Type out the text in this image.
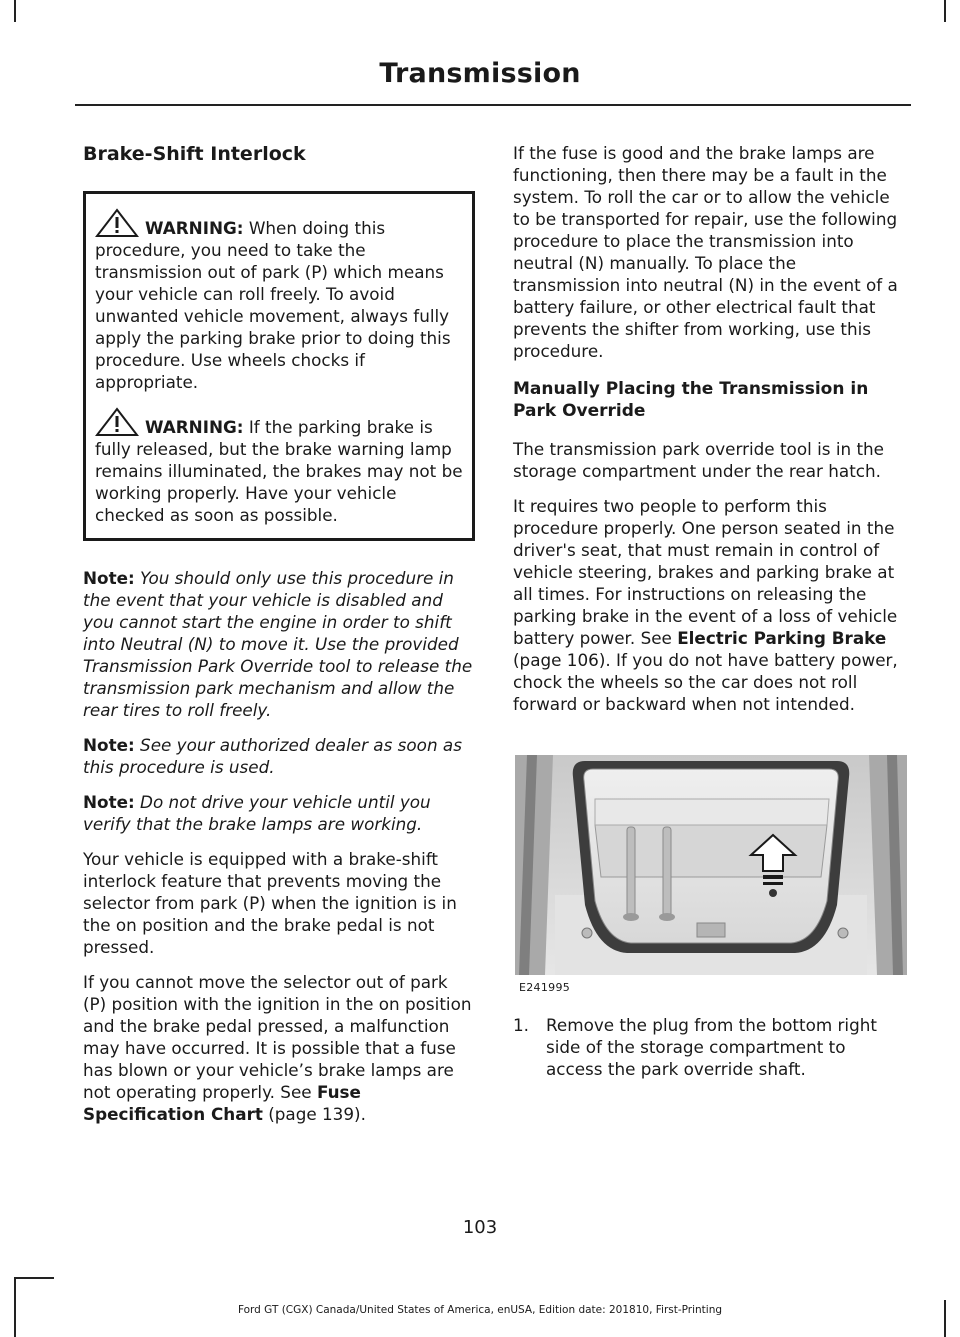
Transmission
Brake-Shift Interlock
WARNING: When doing this procedure, you need to take the transmission out of park (P) which means your vehicle can roll freely. To avoid unwanted vehicle movement, always fully apply the parking brake prior to doing this procedure. Use wheels chocks if appropriate.
WARNING: If the parking brake is fully released, but the brake warning lamp remains illuminated, the brakes may not be working properly. Have your vehicle checked as soon as possible.

Note: You should only use this procedure in the event that your vehicle is disabled and you cannot start the engine in order to shift into Neutral (N) to move it. Use the provided Transmission Park Override tool to release the transmission park mechanism and allow the rear tires to roll freely.

Note: See your authorized dealer as soon as this procedure is used.

Note: Do not drive your vehicle until you verify that the brake lamps are working.

Your vehicle is equipped with a brake-shift interlock feature that prevents moving the selector from park (P) when the ignition is in the on position and the brake pedal is not pressed.

If you cannot move the selector out of park (P) position with the ignition in the on position and the brake pedal pressed, a malfunction may have occurred. It is possible that a fuse has blown or your vehicle’s brake lamps are not operating properly. See Fuse Specification Chart (page 139).

If the fuse is good and the brake lamps are functioning, then there may be a fault in the system. To roll the car or to allow the vehicle to be transported for repair, use the following procedure to place the transmission into neutral (N) manually. To place the transmission into neutral (N) in the event of a battery failure, or other electrical fault that prevents the shifter from working, use this procedure.

Manually Placing the Transmission in Park Override

The transmission park override tool is in the storage compartment under the rear hatch.

It requires two people to perform this procedure properly. One person seated in the driver's seat, that must remain in control of vehicle steering, brakes and parking brake at all times. For instructions on releasing the parking brake in the event of a loss of vehicle battery power. See Electric Parking Brake (page 106). If you do not have battery power, chock the wheels so the car does not roll forward or backward when not intended.

E241995
1. Remove the plug from the bottom right side of the storage compartment to access the park override shaft.
103
Ford GT (CGX) Canada/United States of America, enUSA, Edition date: 201810, First-Printing
